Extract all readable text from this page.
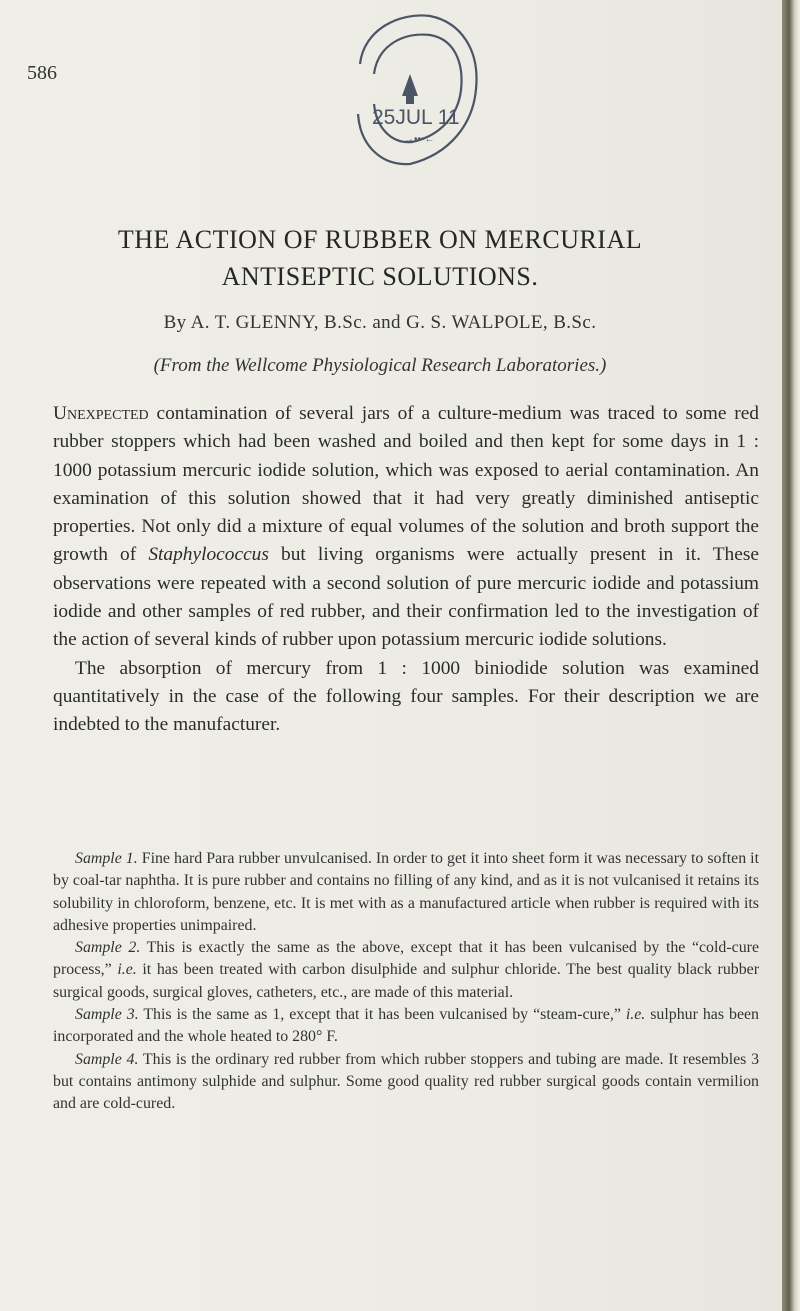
586
25JUL 11
→•••←
THE ACTION OF RUBBER ON MERCURIAL
ANTISEPTIC SOLUTIONS.
By A. T. GLENNY, B.Sc. and G. S. WALPOLE, B.Sc.
(From the Wellcome Physiological Research Laboratories.)

Unexpected contamination of several jars of a culture-medium was traced to some red rubber stoppers which had been washed and boiled and then kept for some days in 1 : 1000 potassium mercuric iodide solution, which was exposed to aerial contamination. An examination of this solution showed that it had very greatly diminished antiseptic properties. Not only did a mixture of equal volumes of the solution and broth support the growth of Staphylococcus but living organisms were actually present in it. These observations were repeated with a second solution of pure mercuric iodide and potassium iodide and other samples of red rubber, and their confirmation led to the investigation of the action of several kinds of rubber upon potassium mercuric iodide solutions.

The absorption of mercury from 1 : 1000 biniodide solution was examined quantitatively in the case of the following four samples. For their description we are indebted to the manufacturer.

Sample 1. Fine hard Para rubber unvulcanised. In order to get it into sheet form it was necessary to soften it by coal-tar naphtha. It is pure rubber and contains no filling of any kind, and as it is not vulcanised it retains its solubility in chloroform, benzene, etc. It is met with as a manufactured article when rubber is required with its adhesive properties unimpaired.

Sample 2. This is exactly the same as the above, except that it has been vulcanised by the “cold-cure process,” i.e. it has been treated with carbon disulphide and sulphur chloride. The best quality black rubber surgical goods, surgical gloves, catheters, etc., are made of this material.

Sample 3. This is the same as 1, except that it has been vulcanised by “steam-cure,” i.e. sulphur has been incorporated and the whole heated to 280° F.

Sample 4. This is the ordinary red rubber from which rubber stoppers and tubing are made. It resembles 3 but contains antimony sulphide and sulphur. Some good quality red rubber surgical goods contain vermilion and are cold-cured.
